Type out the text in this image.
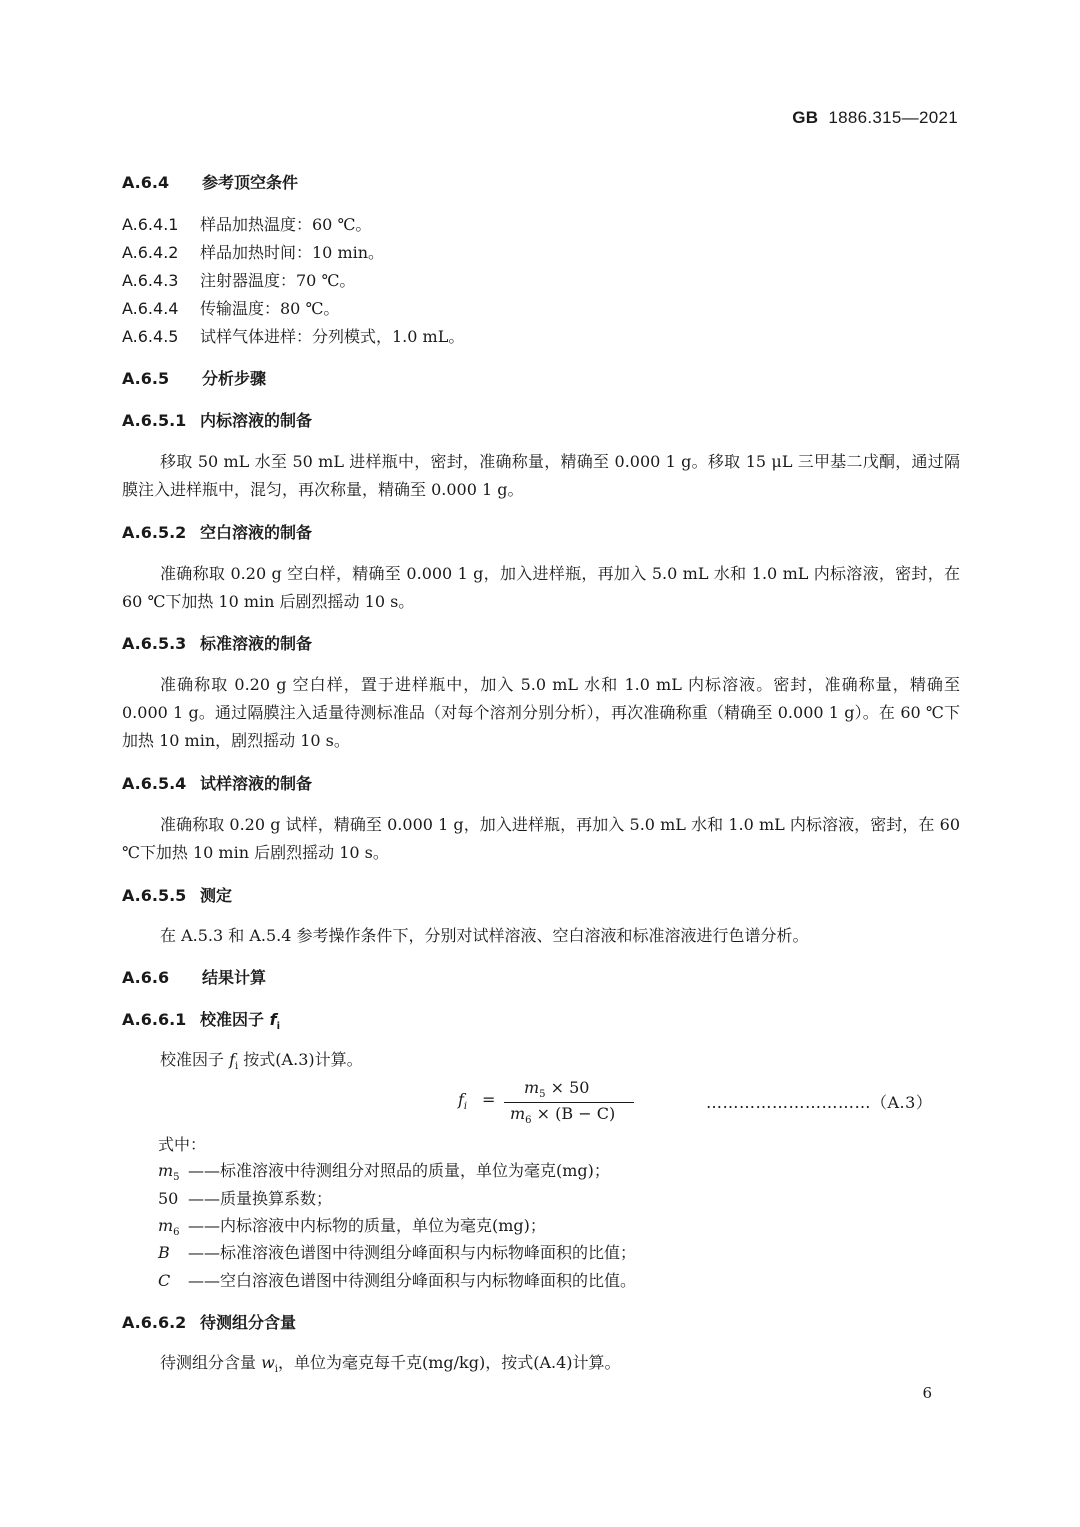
GB 1886.315—2021
A.6.4 参考顶空条件
A.6.4.1 样品加热温度：60 ℃。
A.6.4.2 样品加热时间：10 min。
A.6.4.3 注射器温度：70 ℃。
A.6.4.4 传输温度：80 ℃。
A.6.4.5 试样气体进样：分列模式，1.0 mL。
A.6.5 分析步骤
A.6.5.1 内标溶液的制备
移取 50 mL 水至 50 mL 进样瓶中，密封，准确称量，精确至 0.000 1 g。移取 15 μL 三甲基二戊酮，通过隔膜注入进样瓶中，混匀，再次称量，精确至 0.000 1 g。
A.6.5.2 空白溶液的制备
准确称取 0.20 g 空白样，精确至 0.000 1 g，加入进样瓶，再加入 5.0 mL 水和 1.0 mL 内标溶液，密封，在 60 ℃下加热 10 min 后剧烈摇动 10 s。
A.6.5.3 标准溶液的制备
准确称取 0.20 g 空白样，置于进样瓶中，加入 5.0 mL 水和 1.0 mL 内标溶液。密封，准确称量，精确至 0.000 1 g。通过隔膜注入适量待测标准品（对每个溶剂分别分析），再次准确称重（精确至 0.000 1 g）。在 60 ℃下加热 10 min，剧烈摇动 10 s。
A.6.5.4 试样溶液的制备
准确称取 0.20 g 试样，精确至 0.000 1 g，加入进样瓶，再加入 5.0 mL 水和 1.0 mL 内标溶液，密封，在 60 ℃下加热 10 min 后剧烈摇动 10 s。
A.6.5.5 测定
在 A.5.3 和 A.5.4 参考操作条件下，分别对试样溶液、空白溶液和标准溶液进行色谱分析。
A.6.6 结果计算
A.6.6.1 校准因子 $f_i$
校准因子 $f_i$ 按式(A.3)计算。
$f_i$ =
$m_5 \times 50$
$m_6 \times (B - C)$
…………………………（A.3）
式中：
$m_5$ ——标准溶液中待测组分对照品的质量，单位为毫克(mg)；
50 ——质量换算系数；
$m_6$ ——内标溶液中内标物的质量，单位为毫克(mg)；
B ——标准溶液色谱图中待测组分峰面积与内标物峰面积的比值；
C ——空白溶液色谱图中待测组分峰面积与内标物峰面积的比值。
A.6.6.2 待测组分含量
待测组分含量 $w_i$，单位为毫克每千克(mg/kg)，按式(A.4)计算。
6
